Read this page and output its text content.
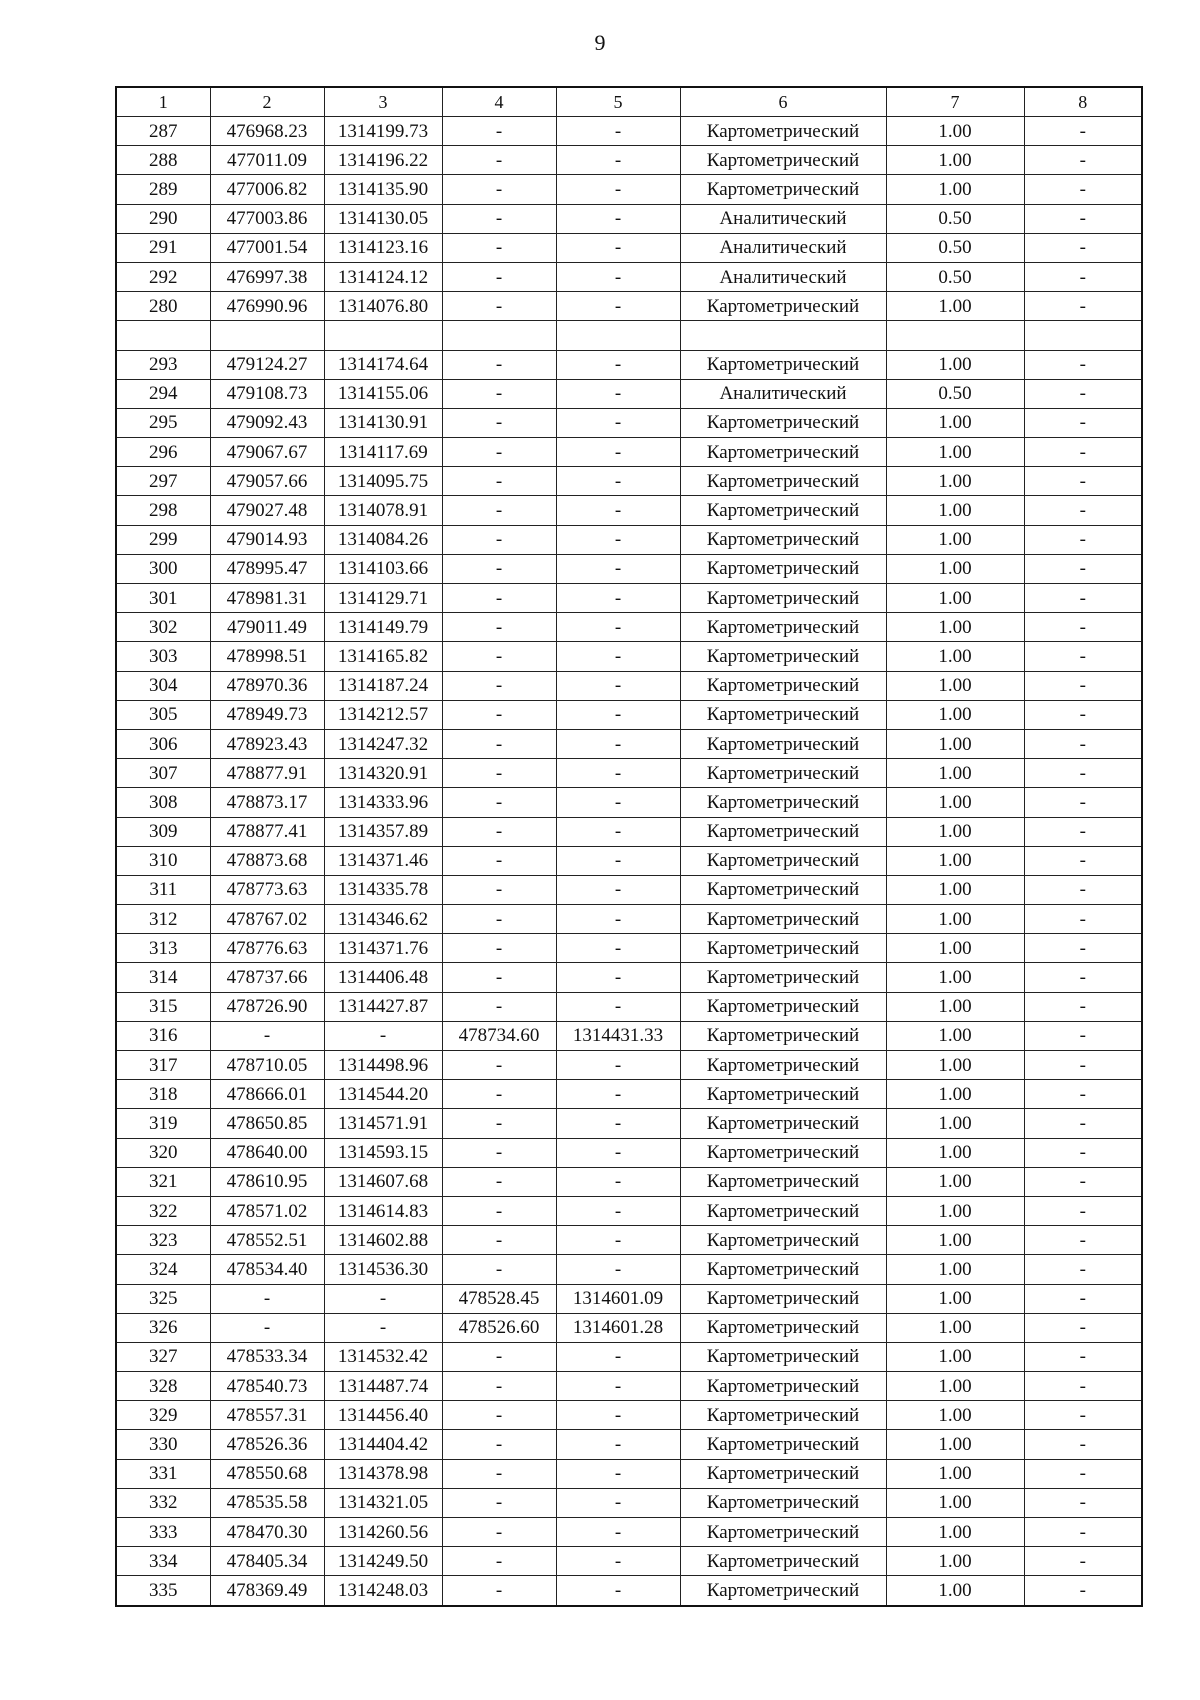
9
1	2	3	4	5	6	7	8
287	476968.23	1314199.73	-	-	Картометрический	1.00	-
288	477011.09	1314196.22	-	-	Картометрический	1.00	-
289	477006.82	1314135.90	-	-	Картометрический	1.00	-
290	477003.86	1314130.05	-	-	Аналитический	0.50	-
291	477001.54	1314123.16	-	-	Аналитический	0.50	-
292	476997.38	1314124.12	-	-	Аналитический	0.50	-
280	476990.96	1314076.80	-	-	Картометрический	1.00	-

293	479124.27	1314174.64	-	-	Картометрический	1.00	-
294	479108.73	1314155.06	-	-	Аналитический	0.50	-
295	479092.43	1314130.91	-	-	Картометрический	1.00	-
296	479067.67	1314117.69	-	-	Картометрический	1.00	-
297	479057.66	1314095.75	-	-	Картометрический	1.00	-
298	479027.48	1314078.91	-	-	Картометрический	1.00	-
299	479014.93	1314084.26	-	-	Картометрический	1.00	-
300	478995.47	1314103.66	-	-	Картометрический	1.00	-
301	478981.31	1314129.71	-	-	Картометрический	1.00	-
302	479011.49	1314149.79	-	-	Картометрический	1.00	-
303	478998.51	1314165.82	-	-	Картометрический	1.00	-
304	478970.36	1314187.24	-	-	Картометрический	1.00	-
305	478949.73	1314212.57	-	-	Картометрический	1.00	-
306	478923.43	1314247.32	-	-	Картометрический	1.00	-
307	478877.91	1314320.91	-	-	Картометрический	1.00	-
308	478873.17	1314333.96	-	-	Картометрический	1.00	-
309	478877.41	1314357.89	-	-	Картометрический	1.00	-
310	478873.68	1314371.46	-	-	Картометрический	1.00	-
311	478773.63	1314335.78	-	-	Картометрический	1.00	-
312	478767.02	1314346.62	-	-	Картометрический	1.00	-
313	478776.63	1314371.76	-	-	Картометрический	1.00	-
314	478737.66	1314406.48	-	-	Картометрический	1.00	-
315	478726.90	1314427.87	-	-	Картометрический	1.00	-
316	-	-	478734.60	1314431.33	Картометрический	1.00	-
317	478710.05	1314498.96	-	-	Картометрический	1.00	-
318	478666.01	1314544.20	-	-	Картометрический	1.00	-
319	478650.85	1314571.91	-	-	Картометрический	1.00	-
320	478640.00	1314593.15	-	-	Картометрический	1.00	-
321	478610.95	1314607.68	-	-	Картометрический	1.00	-
322	478571.02	1314614.83	-	-	Картометрический	1.00	-
323	478552.51	1314602.88	-	-	Картометрический	1.00	-
324	478534.40	1314536.30	-	-	Картометрический	1.00	-
325	-	-	478528.45	1314601.09	Картометрический	1.00	-
326	-	-	478526.60	1314601.28	Картометрический	1.00	-
327	478533.34	1314532.42	-	-	Картометрический	1.00	-
328	478540.73	1314487.74	-	-	Картометрический	1.00	-
329	478557.31	1314456.40	-	-	Картометрический	1.00	-
330	478526.36	1314404.42	-	-	Картометрический	1.00	-
331	478550.68	1314378.98	-	-	Картометрический	1.00	-
332	478535.58	1314321.05	-	-	Картометрический	1.00	-
333	478470.30	1314260.56	-	-	Картометрический	1.00	-
334	478405.34	1314249.50	-	-	Картометрический	1.00	-
335	478369.49	1314248.03	-	-	Картометрический	1.00	-
